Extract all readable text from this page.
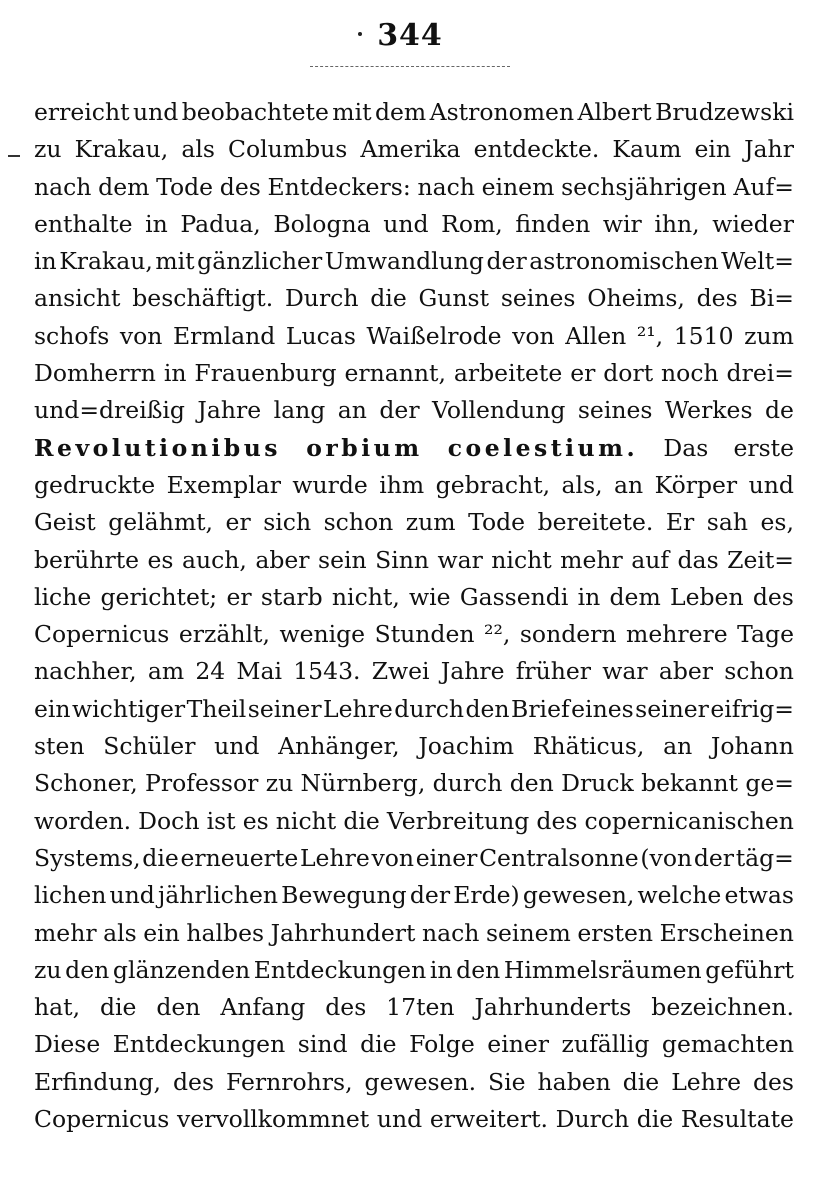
344
erreicht und beobachtete mit dem Astronomen Albert Brudzewski
zu Krakau, als Columbus Amerika entdeckte. Kaum ein Jahr
nach dem Tode des Entdeckers: nach einem sechsjährigen Auf=
enthalte in Padua, Bologna und Rom, finden wir ihn, wieder
in Krakau, mit gänzlicher Umwandlung der astronomischen Welt=
ansicht beschäftigt. Durch die Gunst seines Oheims, des Bi=
schofs von Ermland Lucas Waißelrode von Allen ²¹, 1510 zum
Domherrn in Frauenburg ernannt, arbeitete er dort noch drei=
und=dreißig Jahre lang an der Vollendung seines Werkes de
Revolutionibus orbium coelestium. Das erste
gedruckte Exemplar wurde ihm gebracht, als, an Körper und
Geist gelähmt, er sich schon zum Tode bereitete. Er sah es,
berührte es auch, aber sein Sinn war nicht mehr auf das Zeit=
liche gerichtet; er starb nicht, wie Gassendi in dem Leben des
Copernicus erzählt, wenige Stunden ²², sondern mehrere Tage
nachher, am 24 Mai 1543. Zwei Jahre früher war aber schon
ein wichtiger Theil seiner Lehre durch den Brief eines seiner eifrig=
sten Schüler und Anhänger, Joachim Rhäticus, an Johann
Schoner, Professor zu Nürnberg, durch den Druck bekannt ge=
worden. Doch ist es nicht die Verbreitung des copernicanischen
Systems, die erneuerte Lehre von einer Centralsonne (von der täg=
lichen und jährlichen Bewegung der Erde) gewesen, welche etwas
mehr als ein halbes Jahrhundert nach seinem ersten Erscheinen
zu den glänzenden Entdeckungen in den Himmelsräumen geführt
hat, die den Anfang des 17ten Jahrhunderts bezeichnen.
Diese Entdeckungen sind die Folge einer zufällig gemachten
Erfindung, des Fernrohrs, gewesen. Sie haben die Lehre des
Copernicus vervollkommnet und erweitert. Durch die Resultate
